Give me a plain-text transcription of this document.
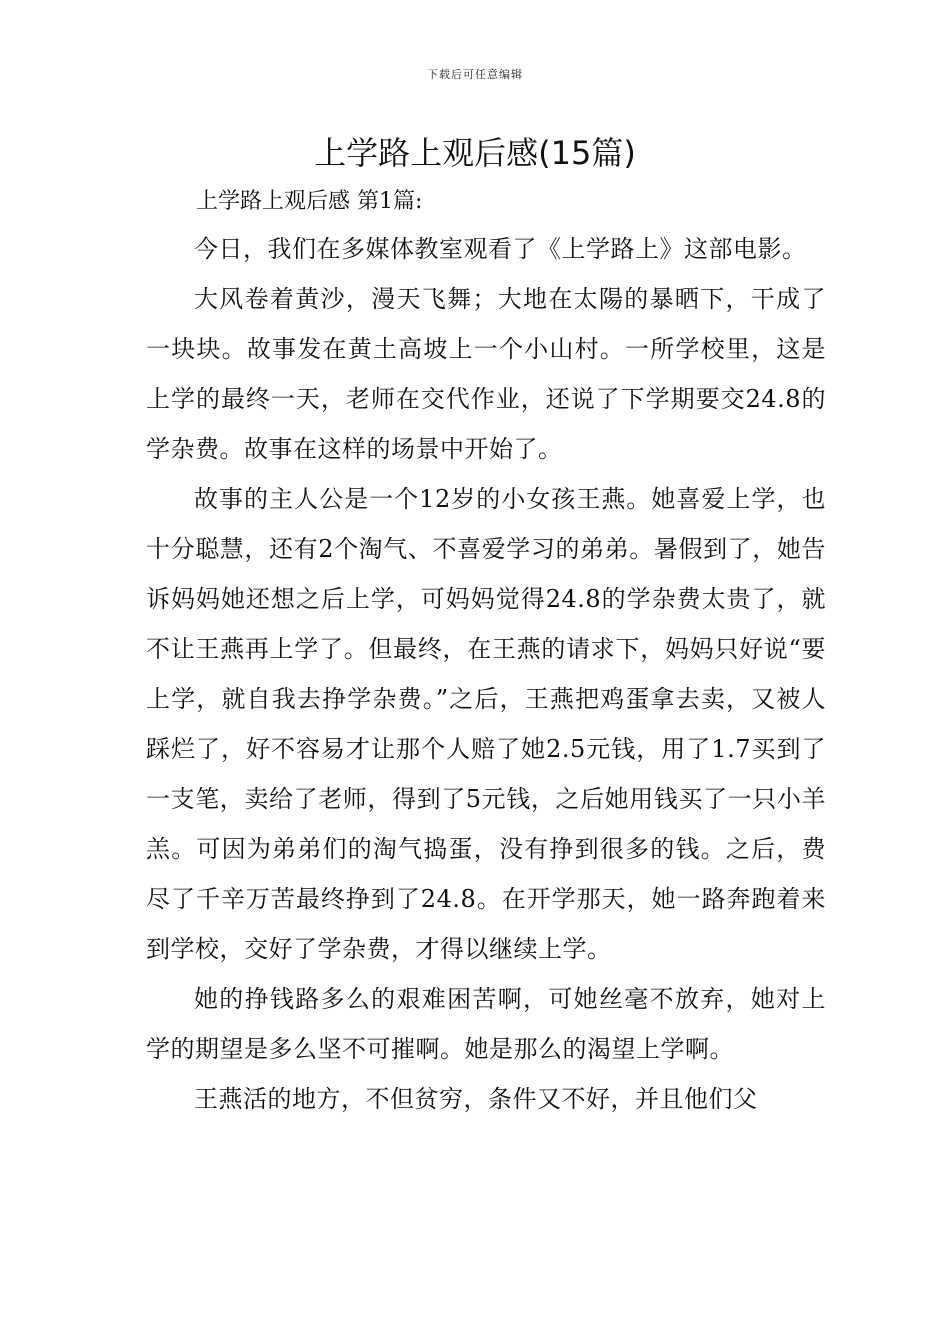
下载后可任意编辑
上学路上观后感(15篇)
上学路上观后感 第1篇:

今日，我们在多媒体教室观看了《上学路上》这部电影。

大风卷着黄沙，漫天飞舞；大地在太陽的暴晒下，干成了一块块。故事发在黄土高坡上一个小山村。一所学校里，这是上学的最终一天，老师在交代作业，还说了下学期要交24.8的学杂费。故事在这样的场景中开始了。

故事的主人公是一个12岁的小女孩王燕。她喜爱上学，也十分聪慧，还有2个淘气、不喜爱学习的弟弟。暑假到了，她告诉妈妈她还想之后上学，可妈妈觉得24.8的学杂费太贵了，就不让王燕再上学了。但最终，在王燕的请求下，妈妈只好说“要上学，就自我去挣学杂费。”之后，王燕把鸡蛋拿去卖，又被人踩烂了，好不容易才让那个人赔了她2.5元钱，用了1.7买到了一支笔，卖给了老师，得到了5元钱，之后她用钱买了一只小羊羔。可因为弟弟们的淘气捣蛋，没有挣到很多的钱。之后，费尽了千辛万苦最终挣到了24.8。在开学那天，她一路奔跑着来到学校，交好了学杂费，才得以继续上学。

她的挣钱路多么的艰难困苦啊，可她丝毫不放弃，她对上学的期望是多么坚不可摧啊。她是那么的渴望上学啊。

王燕活的地方，不但贫穷，条件又不好，并且他们父
